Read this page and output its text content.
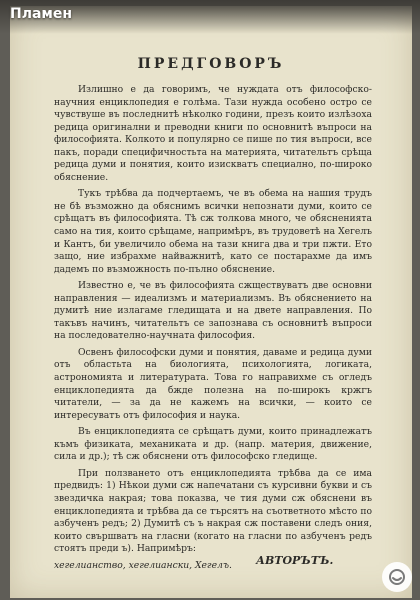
Пламен
ПРЕДГОВОРЪ

Излишно е да говоримъ, че нуждата отъ философско-научния енциклопедия е голѣма. Тази нужда особено остро се чувствуше въ последнитѣ нѣколко години, презъ които излѣзоха редица оригинални и преводни книги по основнитѣ въпроси на философията. Колкото и популярно се пише по тия въпроси, все пакъ, поради специфичностьта на материята, читательтъ срѣща редица думи и понятия, които изискватъ специално, по-широко обяснение.

Тукъ трѣбва да подчертаемъ, че въ обема на нашия трудъ не бѣ възможно да обяснимъ всички непознати думи, които се срѣщатъ въ философията. Тѣ сж толкова много, че обясненията само на тия, които срѣщаме, напримѣръ, въ трудоветѣ на Хегелъ и Кантъ, би увеличило обема на тази книга два и три пжти. Ето защо, ние избрахме найважнитѣ, като се постарахме да имъ дадемъ по възможность по-пълно обяснение.

Известно е, че въ философията сжществуватъ две основни направления — идеализмъ и материализмъ. Въ обяснението на думитѣ ние излагаме гледищата и на двете направления. По такъвъ начинъ, читательтъ се запознава съ основнитѣ въпроси на последователно-научната философия.

Освенъ философски думи и понятия, даваме и редица думи отъ областьта на биологията, психологията, логиката, астрономията и литературата. Това го направихме съ огледъ енциклопедията да бжде полезна на по-широкъ кржгъ читатели, — за да не кажемъ на всички, — които се интересуватъ отъ философия и наука.

Въ енциклопедията се срѣщатъ думи, които принадлежатъ къмъ физиката, механиката и др. (напр. материя, движение, сила и др.); тѣ сж обяснени отъ философско гледище.

При ползването отъ енциклопедията трѣбва да се има предвидъ: 1) Нѣкои думи сж напечатани съ курсивни букви и съ звездичка накрая; това показва, че тия думи сж обяснени въ енциклопедията и трѣбва да се търсятъ на съответното мѣсто по азбученъ редъ; 2) Думитѣ съ ъ накрая сж поставени следъ ония, които свършватъ на гласни (когато на гласни по азбученъ редъ стоятъ преди ъ). Напримѣръ:

хегелианство, хегелиански, Хегелъ.	АВТОРЪТЪ.
